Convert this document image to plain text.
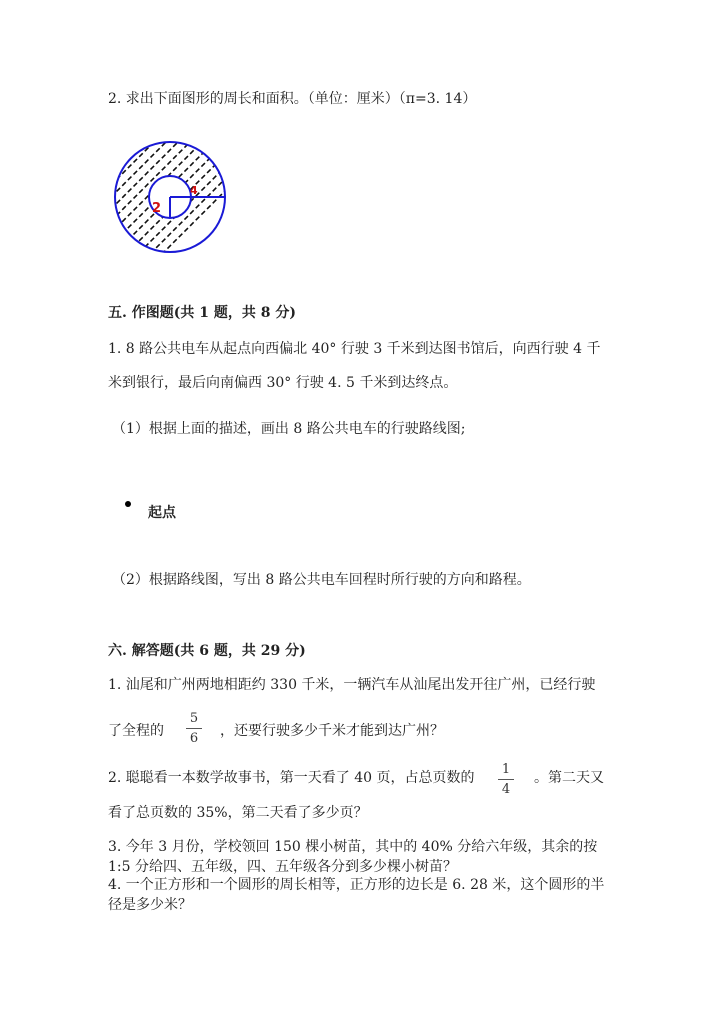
2. 求出下面图形的周长和面积。（单位：厘米）（π=3. 14）
2
4
五. 作图题(共 1 题，共 8 分)
1. 8 路公共电车从起点向西偏北 40° 行驶 3 千米到达图书馆后，向西行驶 4 千
米到银行，最后向南偏西 30° 行驶 4. 5 千米到达终点。
（1）根据上面的描述，画出 8 路公共电车的行驶路线图;
起点
（2）根据路线图，写出 8 路公共电车回程时所行驶的方向和路程。
六. 解答题(共 6 题，共 29 分)
1. 汕尾和广州两地相距约 330 千米，一辆汽车从汕尾出发开往广州，已经行驶
了全程的
5
6	，还要行驶多少千米才能到达广州？
2. 聪聪看一本数学故事书，第一天看了 40 页，占总页数的
1
4
。第二天又
看了总页数的 35%，第二天看了多少页？
3. 今年 3 月份，学校领回 150 棵小树苗，其中的 40% 分给六年级，其余的按
1:5 分给四、五年级，四、五年级各分到多少棵小树苗？
4. 一个正方形和一个圆形的周长相等，正方形的边长是 6. 28 米，这个圆形的半
径是多少米？
